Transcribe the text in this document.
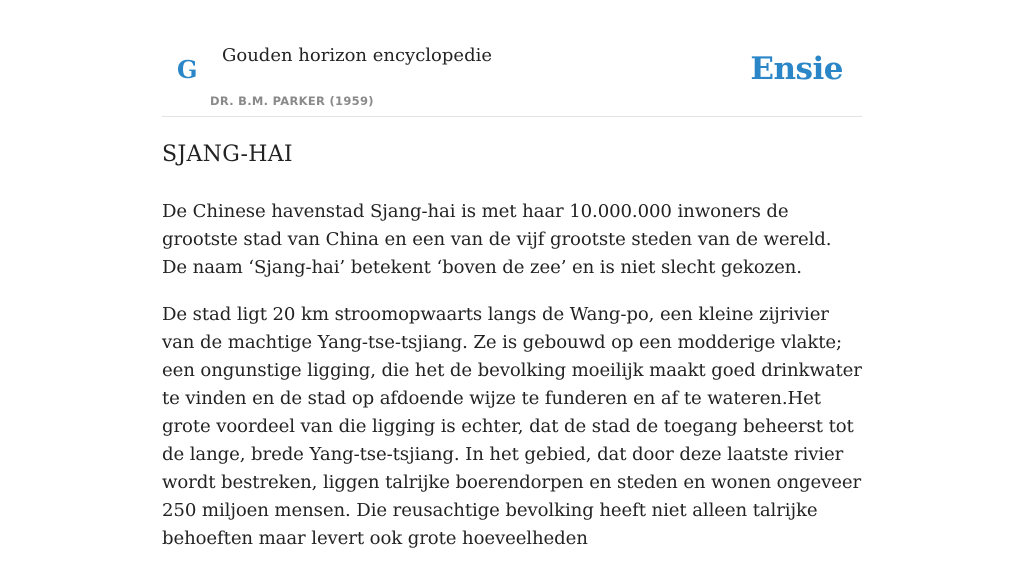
G Gouden horizon encyclopedie
DR. B.M. PARKER (1959)
Ensie
SJANG-HAI

De Chinese havenstad Sjang-hai is met haar 10.000.000 inwoners de grootste stad van China en een van de vijf grootste steden van de wereld. De naam ‘Sjang-hai’ betekent ‘boven de zee’ en is niet slecht gekozen.

De stad ligt 20 km stroomopwaarts langs de Wang-po, een kleine zijrivier van de machtige Yang-tse-tsjiang. Ze is gebouwd op een modderige vlakte; een ongunstige ligging, die het de bevolking moeilijk maakt goed drinkwater te vinden en de stad op afdoende wijze te funderen en af te wateren.Het grote voordeel van die ligging is echter, dat de stad de toegang beheerst tot de lange, brede Yang-tse-tsjiang. In het gebied, dat door deze laatste rivier wordt bestreken, liggen talrijke boerendorpen en steden en wonen ongeveer 250 miljoen mensen. Die reusachtige bevolking heeft niet alleen talrijke behoeften maar levert ook grote hoeveelheden
